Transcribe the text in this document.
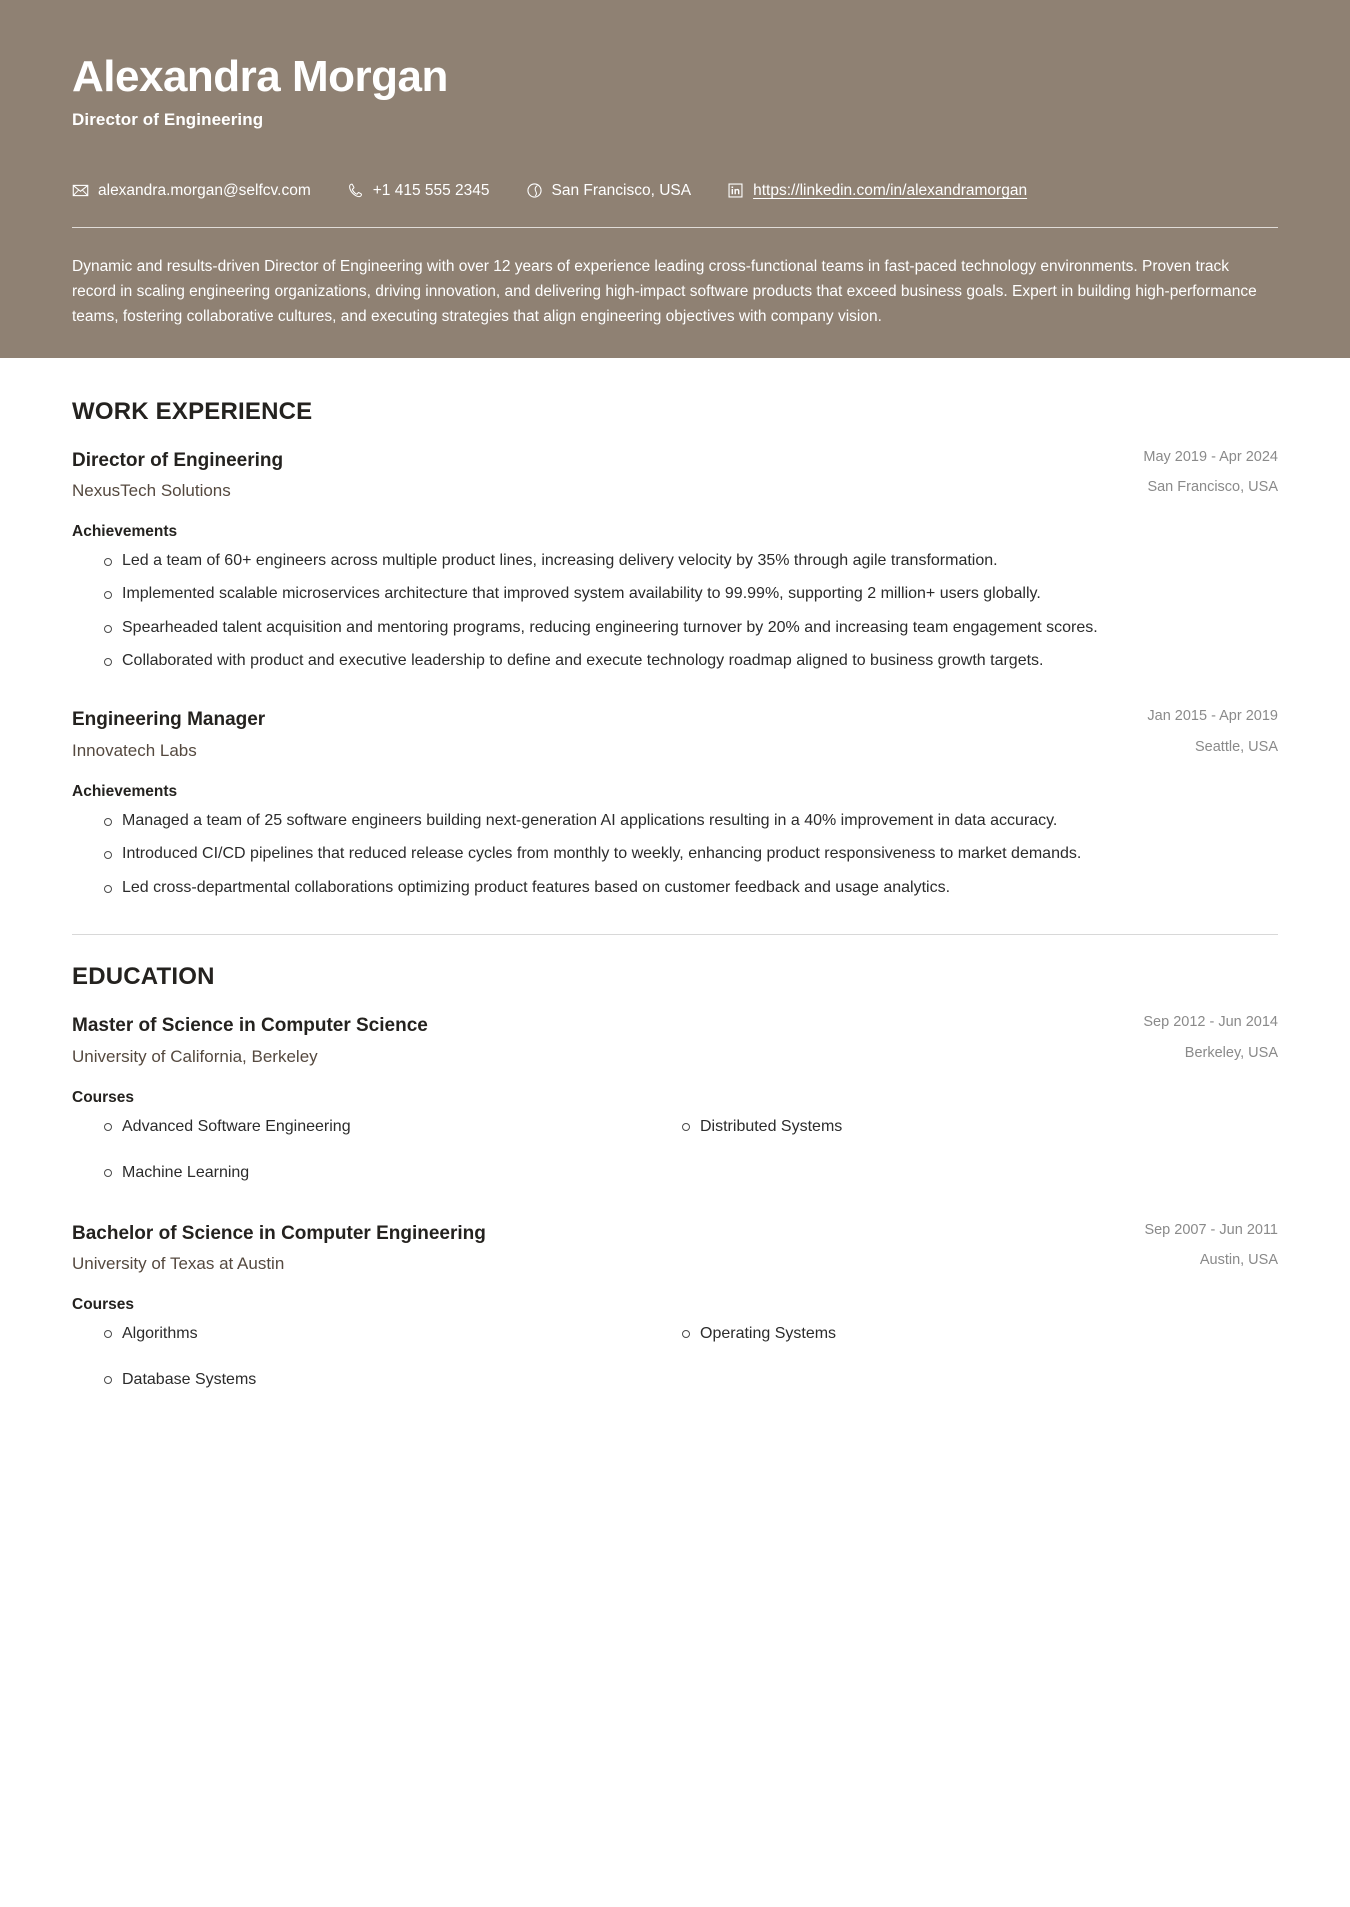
Alexandra Morgan
Director of Engineering
alexandra.morgan@selfcv.com	+1 415 555 2345	San Francisco, USA	https://linkedin.com/in/alexandramorgan

Dynamic and results-driven Director of Engineering with over 12 years of experience leading cross-functional teams in fast-paced technology environments. Proven track record in scaling engineering organizations, driving innovation, and delivering high-impact software products that exceed business goals. Expert in building high-performance teams, fostering collaborative cultures, and executing strategies that align engineering objectives with company vision.

WORK EXPERIENCE
Director of Engineering
NexusTech Solutions
May 2019 - Apr 2024
San Francisco, USA
Achievements
Led a team of 60+ engineers across multiple product lines, increasing delivery velocity by 35% through agile transformation.
Implemented scalable microservices architecture that improved system availability to 99.99%, supporting 2 million+ users globally.
Spearheaded talent acquisition and mentoring programs, reducing engineering turnover by 20% and increasing team engagement scores.
Collaborated with product and executive leadership to define and execute technology roadmap aligned to business growth targets.
Engineering Manager
Innovatech Labs
Jan 2015 - Apr 2019
Seattle, USA
Achievements
Managed a team of 25 software engineers building next-generation AI applications resulting in a 40% improvement in data accuracy.
Introduced CI/CD pipelines that reduced release cycles from monthly to weekly, enhancing product responsiveness to market demands.
Led cross-departmental collaborations optimizing product features based on customer feedback and usage analytics.
EDUCATION
Master of Science in Computer Science
University of California, Berkeley
Sep 2012 - Jun 2014
Berkeley, USA
Courses
Advanced Software Engineering	Distributed Systems
Machine Learning
Bachelor of Science in Computer Engineering
University of Texas at Austin
Sep 2007 - Jun 2011
Austin, USA
Courses
Algorithms	Operating Systems
Database Systems
